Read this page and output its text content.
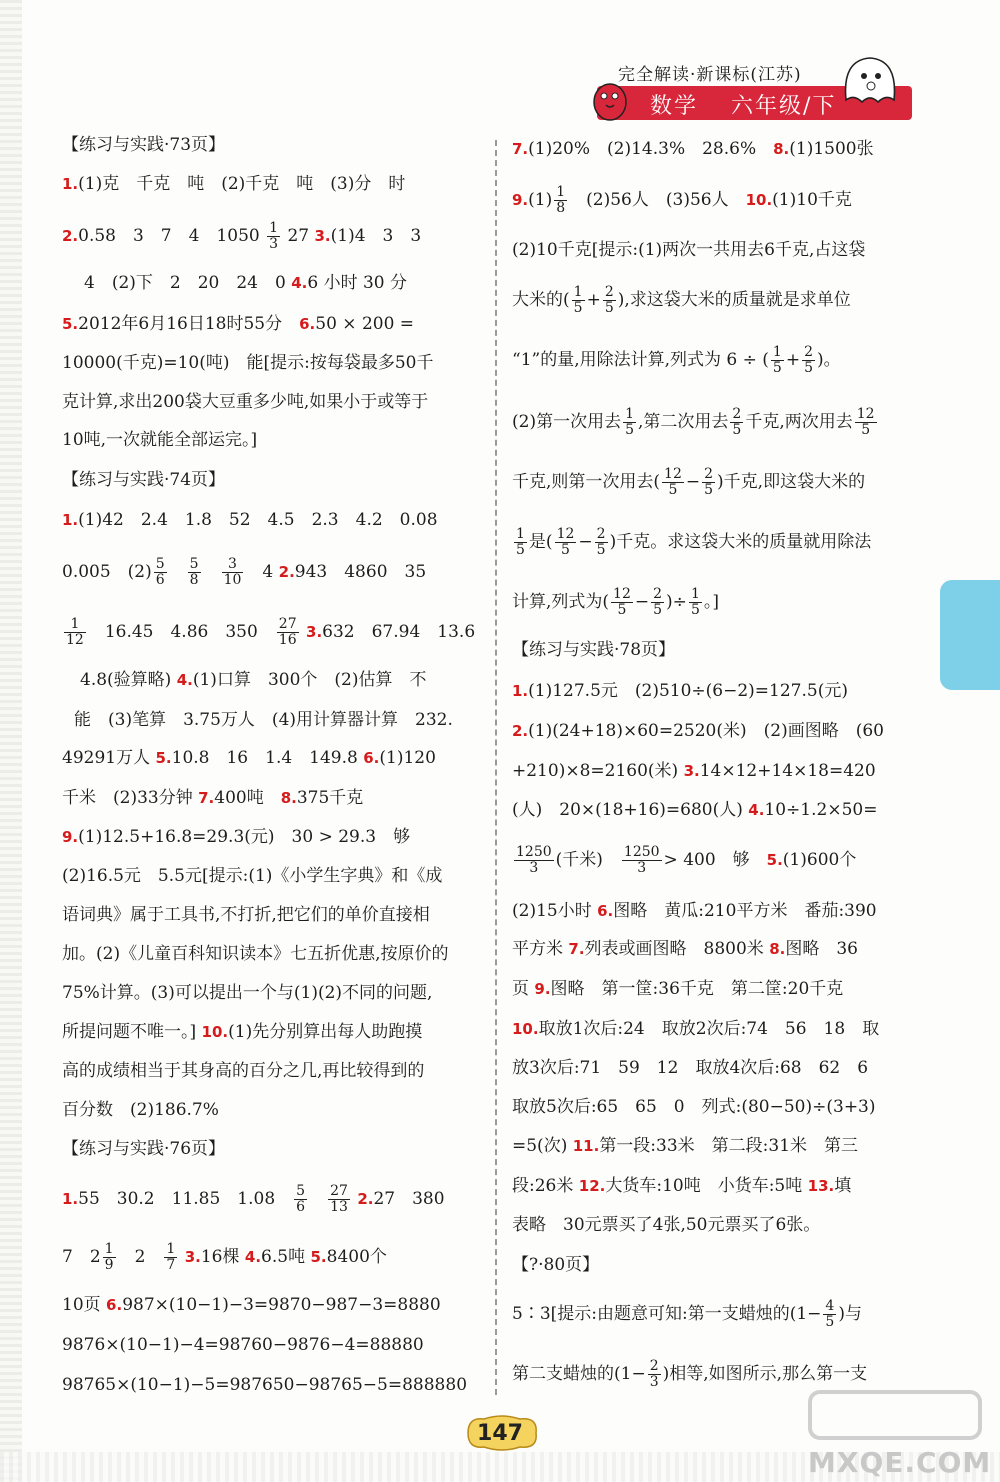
完全解读·新课标(江苏)
数学　 六年级/下
【练习与实践·73页】
1.(1)克　千克　吨　(2)千克　吨　(3)分　时
2.0.58　3　7　4　$1050 \frac{1}{3} 27$ 3.(1)4　3　3
4　(2)下　2　20　24　0 4.6 小时 30 分
5.2012年6月16日18时55分　 6.50 × 200 =
10000(千克)=10(吨)　能[提示:按每袋最多50千
克计算,求出200袋大豆重多少吨,如果小于或等于
10吨,一次就能全部运完。]
【练习与实践·74页】
1.(1)42　2.4　1.8　52　4.5　2.3　4.2　0.08
0.005　$(2) \frac{5}{6}$
　 $\frac{5}{8}$
　 $\frac{3}{10}$
　 4 2.943　4860　35
$\frac{1}{12}$
　 16.45　4.86　350　 $\frac{27}{16} 3.632$　67.94　13.6
4.8(验算略) 4.(1)口算　300个　(2)估算　不
能　(3)笔算　3.75万人　(4)用计算器计算　232.
49291万人 5.10.8　16　1.4　149.8 6.(1)120
千米　(2)33分钟 7.400吨　 8.375千克
9.(1)12.5+16.8=29.3(元)　30 > 29.3　够
(2)16.5元　5.5元[提示:(1)《小学生字典》和《成
语词典》属于工具书,不打折,把它们的单价直接相
加。(2)《儿童百科知识读本》七五折优惠,按原价的
75%计算。(3)可以提出一个与(1)(2)不同的问题,
所提问题不唯一。] 10.(1)先分别算出每人助跑摸
高的成绩相当于其身高的百分之几,再比较得到的
百分数　(2)186.7%
【练习与实践·76页】
1.55　30.2　11.85　1.08　 $\frac{5}{6}$
　 $\frac{27}{13} 2.27$　380
7　$2 \frac{1}{9}$
　 2　 $\frac{1}{7} 3.16$棵 4.6.5吨 5.8400个
10页 6.987×(10−1)−3=9870−987−3=8880
9876×(10−1)−4=98760−9876−4=88880
98765×(10−1)−5=987650−98765−5=888880
7.(1)20%　(2)14.3%　28.6%　 8.(1)1500张
$9.(1) \frac{1}{8}$
　 (2)56人　(3)56人　 10.(1)10千克
(2)10千克[提示:(1)两次一共用去6千克,占这袋
大米的( $\frac{1}{5} + \frac{2}{5}$ ),求这袋大米的质量就是求单位
“1”的量,用除法计算,列式为 6 ÷ ( $\frac{1}{5} + \frac{2}{5}$ )。
(2)第一次用去 $\frac{1}{5}$ ,第二次用去 $\frac{2}{5}$ 千克,两次用去 $\frac{12}{5}$
千克,则第一次用去( $\frac{12}{5} - \frac{2}{5}$ )千克,即这袋大米的
$\frac{1}{5}$ 是( $\frac{12}{5} - \frac{2}{5}$ )千克。求这袋大米的质量就用除法
计算,列式为( $\frac{12}{5} - \frac{2}{5}$ )÷ $\frac{1}{5}$ 。]
【练习与实践·78页】
1.(1)127.5元　(2)510÷(6−2)=127.5(元)
2.(1)(24+18)×60=2520(米)　(2)画图略　(60
+210)×8=2160(米) 3.14×12+14×18=420
(人)　20×(18+16)=680(人) 4.10÷1.2×50=
$\frac{1250}{3}$ (千米)　 $\frac{1250}{3} > 400$　够　 5.(1)600个
(2)15小时 6.图略　黄瓜:210平方米　番茄:390
平方米 7.列表或画图略　8800米 8.图略　36
页 9.图略　第一筐:36千克　第二筐:20千克
10.取放1次后:24　取放2次后:74　56　18　取
放3次后:71　59　12　取放4次后:68　62　6
取放5次后:65　65　0　列式:(80−50)÷(3+3)
=5(次) 11.第一段:33米　第二段:31米　第三
段:26米 12.大货车:10吨　小货车:5吨 13.填
表略　30元票买了4张,50元票买了6张。
【?·80页】
5∶3[提示:由题意可知:第一支蜡烛的($1- \frac{4}{5}$ )与
第二支蜡烛的($1- \frac{2}{3}$ )相等,如图所示,那么第一支
147
MXQE.COM
